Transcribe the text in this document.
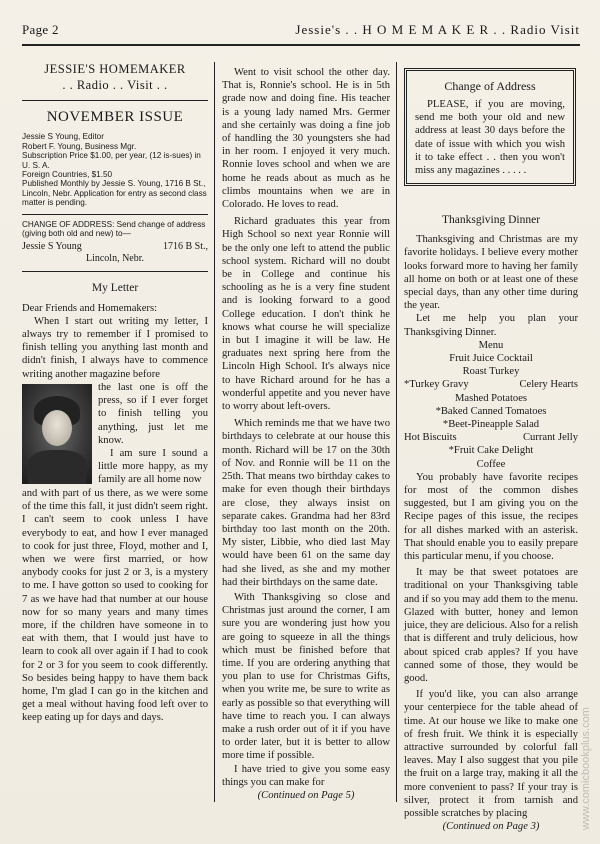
Page 2	Jessie's . . H O M E M A K E R . . Radio Visit
JESSIE'S HOMEMAKER
. . Radio . . Visit . .
NOVEMBER ISSUE
Jessie S Young, Editor
Robert F. Young, Business Mgr.
Subscription Price $1.00, per year, (12 is-sues) in U. S. A.
Foreign Countries, $1.50
Published Monthly by Jessie S. Young, 1716 B St., Lincoln, Nebr. Application for entry as second class matter is pending.
CHANGE OF ADDRESS: Send change of address (giving both old and new) to—
Jessie S Young	1716 B St.,
Lincoln, Nebr.
My Letter

Dear Friends and Homemakers:

When I start out writing my letter, I always try to remember if I promised to finish telling you anything last month and didn't finish, I always have to commence writing another magazine before

the last one is off the press, so if I ever forget to finish telling you anything, just let me know.

I am sure I sound a little more happy, as my family are all home now

and with part of us there, as we were some of the time this fall, it just didn't seem right. I can't seem to cook unless I have everybody to eat, and how I ever managed to cook for just three, Floyd, mother and I, when we were first married, or how anybody cooks for just 2 or 3, is a mystery to me. I have gotton so used to cooking for 7 as we have had that number at our house now for so many years and many times more, if the children have someone in to eat with them, that I would just have to learn to cook all over again if I had to cook for 2 or 3 for you seem to cook differently. So besides being happy to have them back home, I'm glad I can go in the kitchen and get a meal without having food left over to keep eating up for days and days.

Went to visit school the other day. That is, Ronnie's school. He is in 5th grade now and doing fine. His teacher is a young lady named Mrs. Germer and she certainly was doing a fine job of handling the 30 youngsters she had in her room. I enjoyed it very much. Ronnie loves school and when we are home he reads about as much as he climbs mountains when we are in Colorado. He loves to read.

Richard graduates this year from High School so next year Ronnie will be the only one left to attend the public school system. Richard will no doubt be in College and continue his schooling as he is a very fine student and is looking forward to a good College education. I don't think he knows what course he will specialize in but I imagine it will be law. He graduates next spring here from the Lincoln High School. It's always nice to have Richard around for he has a wonderful appetite and you never have to worry about left-overs.

Which reminds me that we have two birthdays to celebrate at our house this month. Richard will be 17 on the 30th of Nov. and Ronnie will be 11 on the 25th. That means two birthday cakes to make for even though their birthdays are close, they always insist on separate cakes. Grandma had her 83rd birthday too last month on the 20th. My sister, Libbie, who died last May would have been 61 on the same day had she lived, as she and my mother had their birthdays on the same date.

With Thanksgiving so close and Christmas just around the corner, I am sure you are wondering just how you are going to squeeze in all the things which must be finished before that time. If you are ordering anything that you plan to use for Christmas Gifts, when you write me, be sure to write as early as possible so that everything will have time to reach you. I can always make a rush order out of it if you have to order later, but it is better to allow more time if possible.

I have tried to give you some easy things you can make for

(Continued on Page 5)

Change of Address

PLEASE, if you are moving, send me both your old and new address at least 30 days before the date of issue with which you wish it to take effect . . then you won't miss any magazines . . . . .

Thanksgiving Dinner

Thanksgiving and Christmas are my favorite holidays. I believe every mother looks forward more to having her family all home on both or at least one of these special days, than any other time during the year.

Let me help you plan your Thanksgiving Dinner.

Menu

Fruit Juice Cocktail

Roast Turkey

*Turkey Gravy	Celery Hearts

Mashed Potatoes

*Baked Canned Tomatoes

*Beet-Pineapple Salad

Hot Biscuits	Currant Jelly

*Fruit Cake Delight

Coffee

You probably have favorite recipes for most of the common dishes suggested, but I am giving you on the Recipe pages of this issue, the recipes for all dishes marked with an asterisk. That should enable you to easily prepare this particular menu, if you choose.

It may be that sweet potatoes are traditional on your Thanksgiving table and if so you may add them to the menu. Glazed with butter, honey and lemon juice, they are delicious. Also for a relish that is different and truly delicious, how about spiced crab apples? If you have canned some of those, they would be good.

If you'd like, you can also arrange your centerpiece for the table ahead of time. At our house we like to make one of fresh fruit. We think it is especially attractive surrounded by colorful fall leaves. May I also suggest that you pile the fruit on a large tray, making it all the more convenient to pass? If your tray is silver, protect it from tarnish and possible scratches by placing

(Continued on Page 3)	www.comicbookplus.com
